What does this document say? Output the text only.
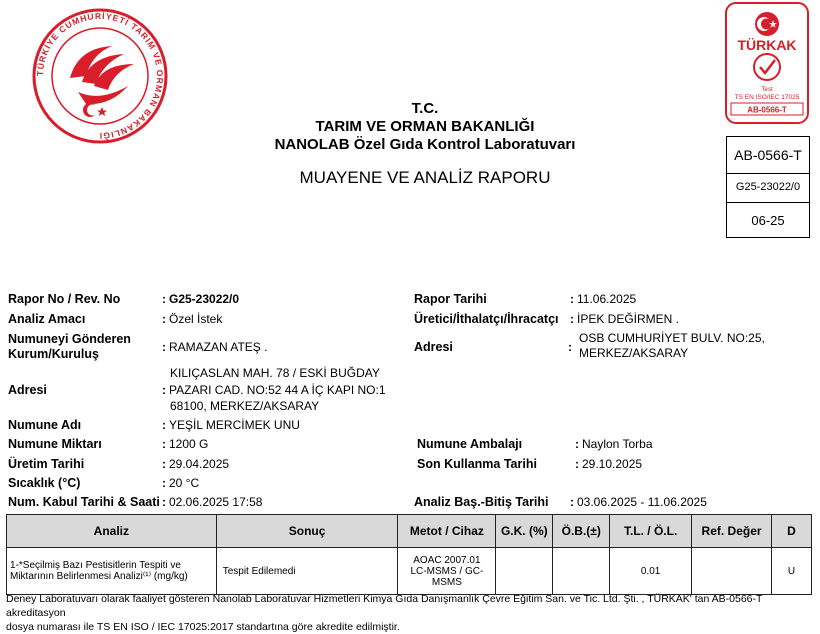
TÜRKİYE CUMHURİYETİ TARIM VE ORMAN BAKANLIĞI
TÜRKAK
Test
TS EN ISO/IEC 17025
AB-0566-T
T.C.
TARIM VE ORMAN BAKANLIĞI
NANOLAB Özel Gıda Kontrol Laboratuvarı
MUAYENE VE ANALİZ RAPORU
AB-0566-T
G25-23022/0
06-25
Rapor No / Rev. No	: G25-23022/0	Rapor Tarihi	: 11.06.2025
Analiz Amacı	: Özel İstek	Üretici/İthalatçı/İhracatçı : İPEK DEĞİRMEN .
Numuneyi Gönderen
Kurum/Kuruluş	: RAMAZAN ATEŞ .	Adresi	:
OSB CUMHURİYET BULV. NO:25,
MERKEZ/AKSARAY
KILIÇASLAN MAH. 78 / ESKİ BUĞDAY
Adresi	: PAZARI CAD. NO:52 44 A İÇ KAPI NO:1
68100, MERKEZ/AKSARAY
Numune Adı	: YEŞİL MERCİMEK UNU
Numune Miktarı	: 1200 G	Numune Ambalajı	: Naylon Torba
Üretim Tarihi	: 29.04.2025	Son Kullanma Tarihi	: 29.10.2025
Sıcaklık (°C)	: 20 °C
Num. Kabul Tarihi & Saati : 02.06.2025 17:58	Analiz Baş.-Bitiş Tarihi : 03.06.2025 - 11.06.2025
Analiz	Sonuç	Metot / Cihaz	G.K. (%)	Ö.B.(±)	T.L. / Ö.L.	Ref. Değer	D
1-*Seçilmiş Bazı Pestisitlerin Tespiti ve
Miktarının Belirlenmesi Analizi⁽¹⁾ (mg/kg)	Tespit Edilemedi	AOAC 2007.01
LC-MSMS / GC-
MSMS			0.01		U
Deney Laboratuvarı olarak faaliyet gösteren Nanolab Laboratuvar Hizmetleri Kimya Gıda Danışmanlık Çevre Eğitim San. ve Tic. Ltd. Şti. , TÜRKAK' tan AB-0566-T akreditasyon
dosya numarası ile TS EN ISO / IEC 17025:2017 standartına göre akredite edilmiştir.
